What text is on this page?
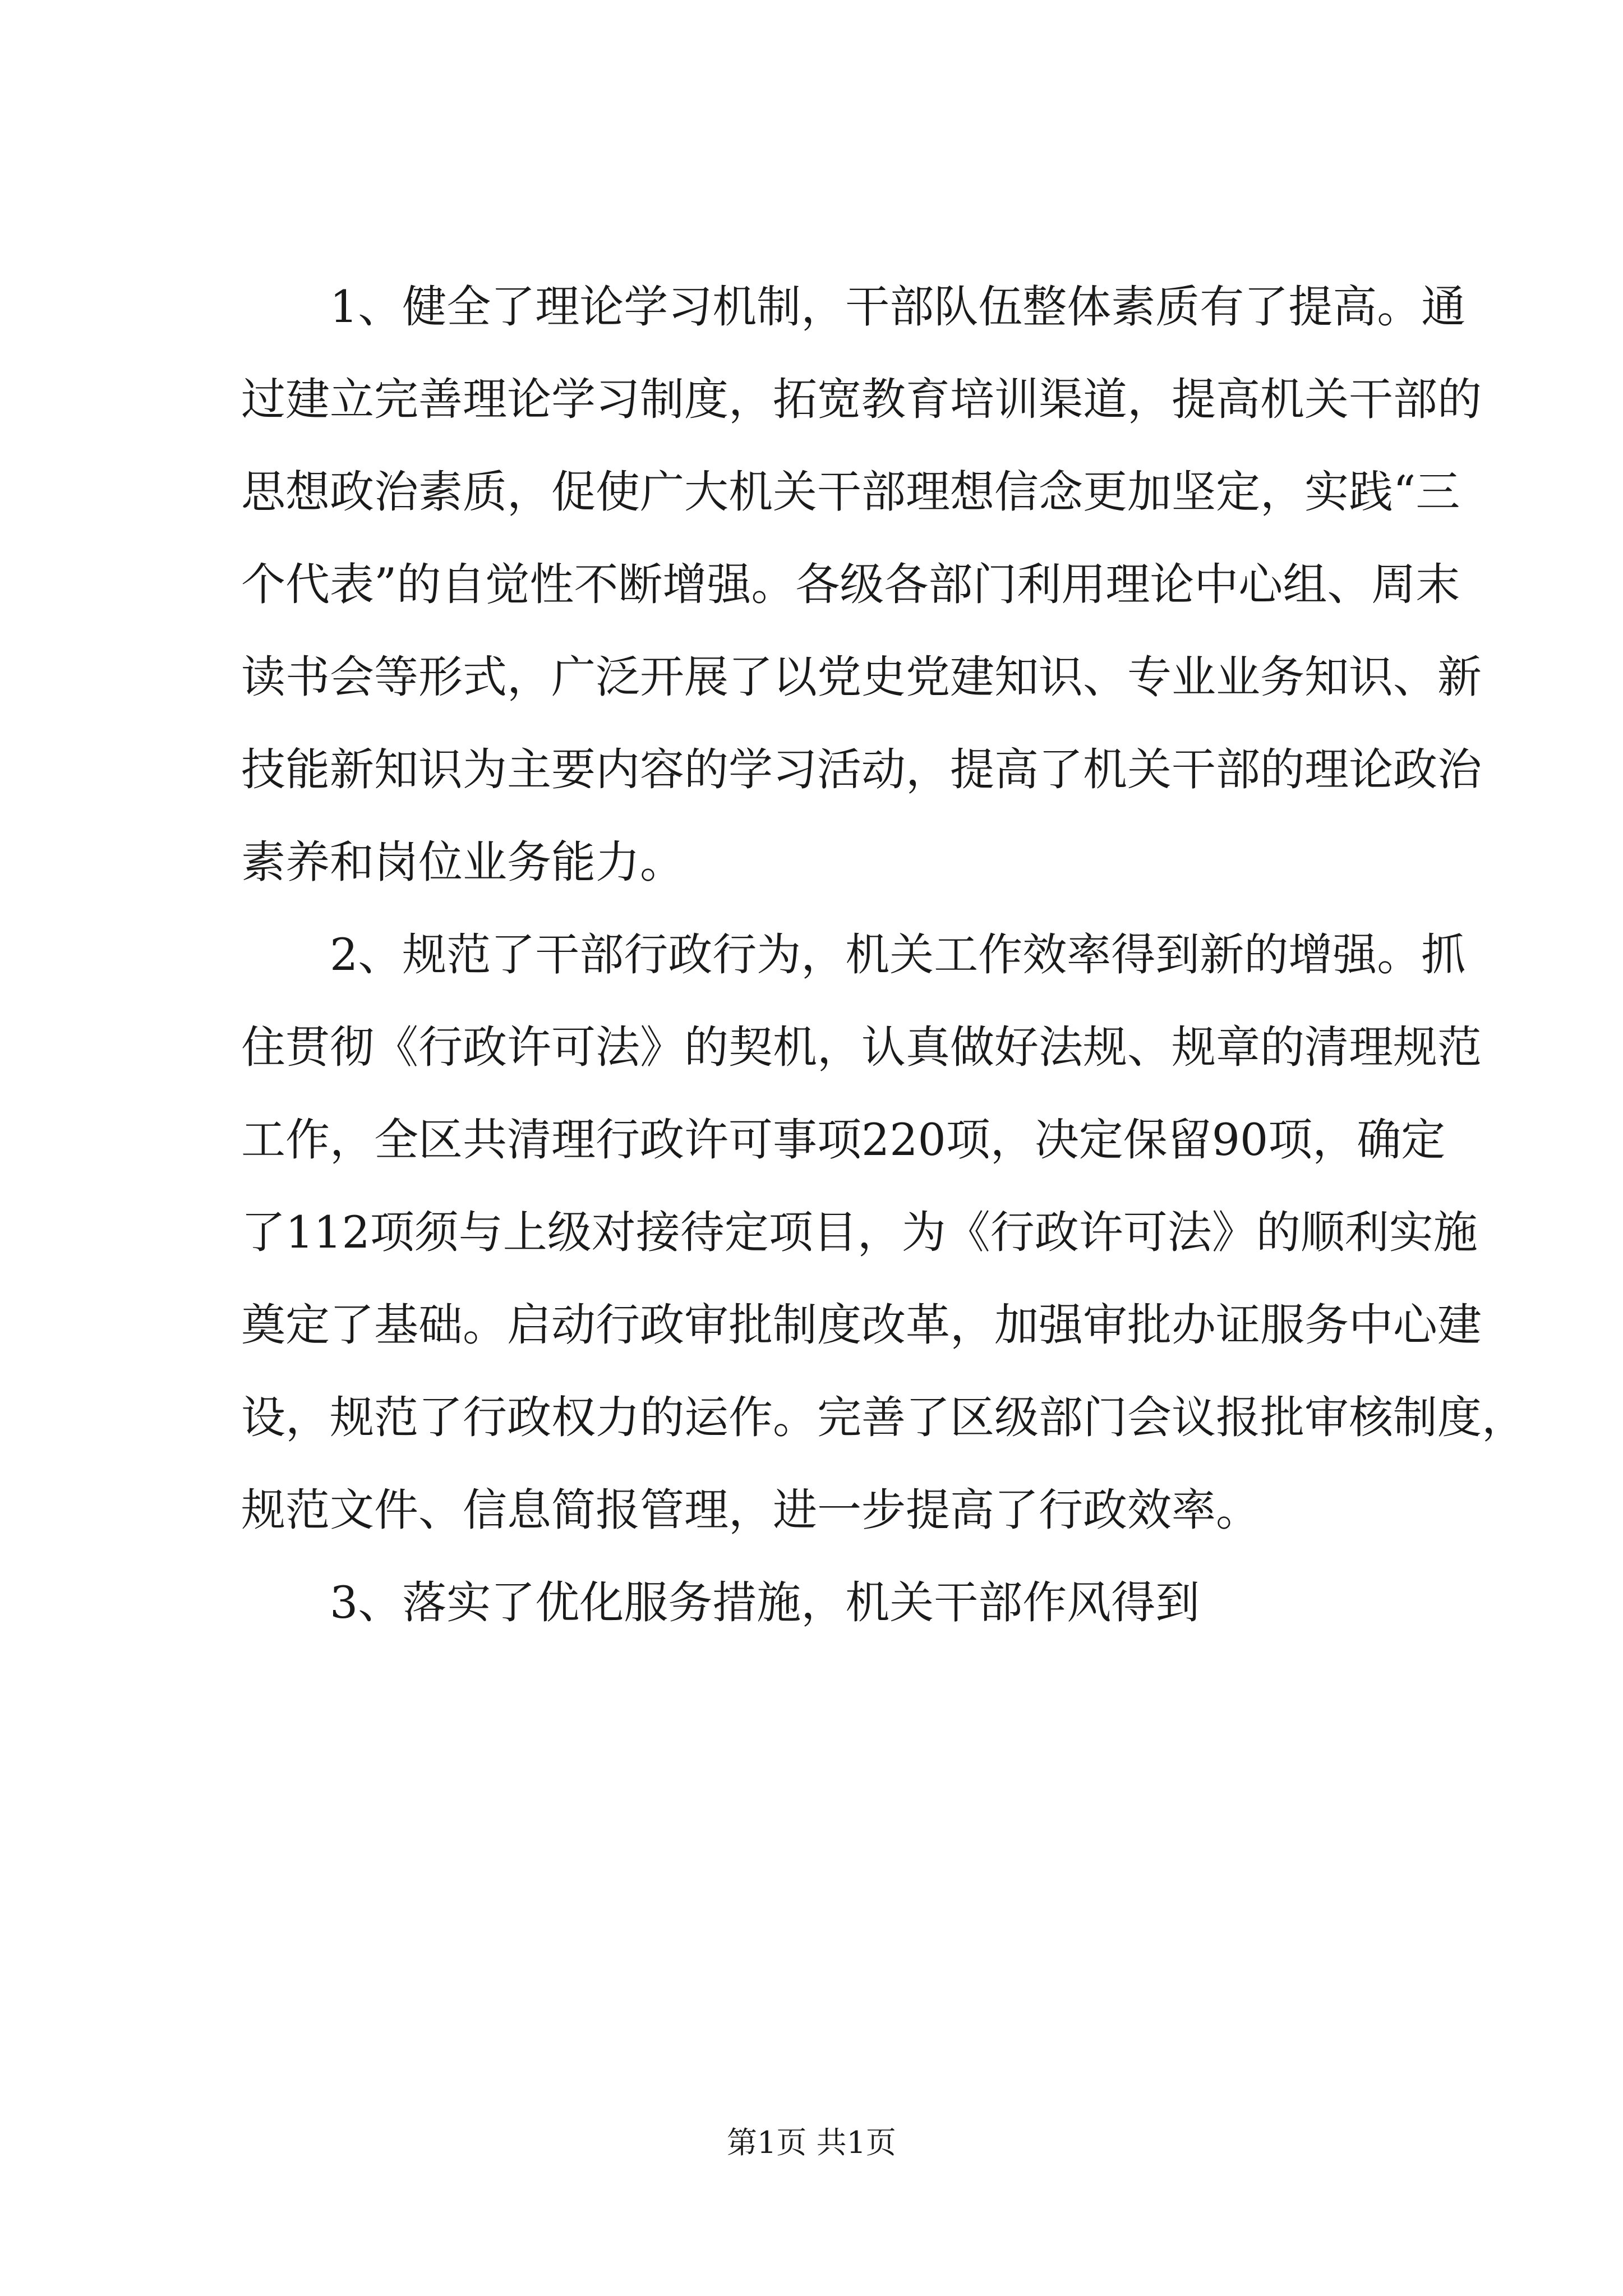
1、健全了理论学习机制，干部队伍整体素质有了提高。通
过建立完善理论学习制度，拓宽教育培训渠道，提高机关干部的
思想政治素质，促使广大机关干部理想信念更加坚定，实践“三
个代表”的自觉性不断增强。各级各部门利用理论中心组、周末
读书会等形式，广泛开展了以党史党建知识、专业业务知识、新
技能新知识为主要内容的学习活动，提高了机关干部的理论政治
素养和岗位业务能力。
2、规范了干部行政行为，机关工作效率得到新的增强。抓
住贯彻《行政许可法》的契机，认真做好法规、规章的清理规范
工作，全区共清理行政许可事项220项，决定保留90项，确定
了112项须与上级对接待定项目，为《行政许可法》的顺利实施
奠定了基础。启动行政审批制度改革，加强审批办证服务中心建
设，规范了行政权力的运作。完善了区级部门会议报批审核制度，
规范文件、信息简报管理，进一步提高了行政效率。
3、落实了优化服务措施，机关干部作风得到
第1页 共1页
